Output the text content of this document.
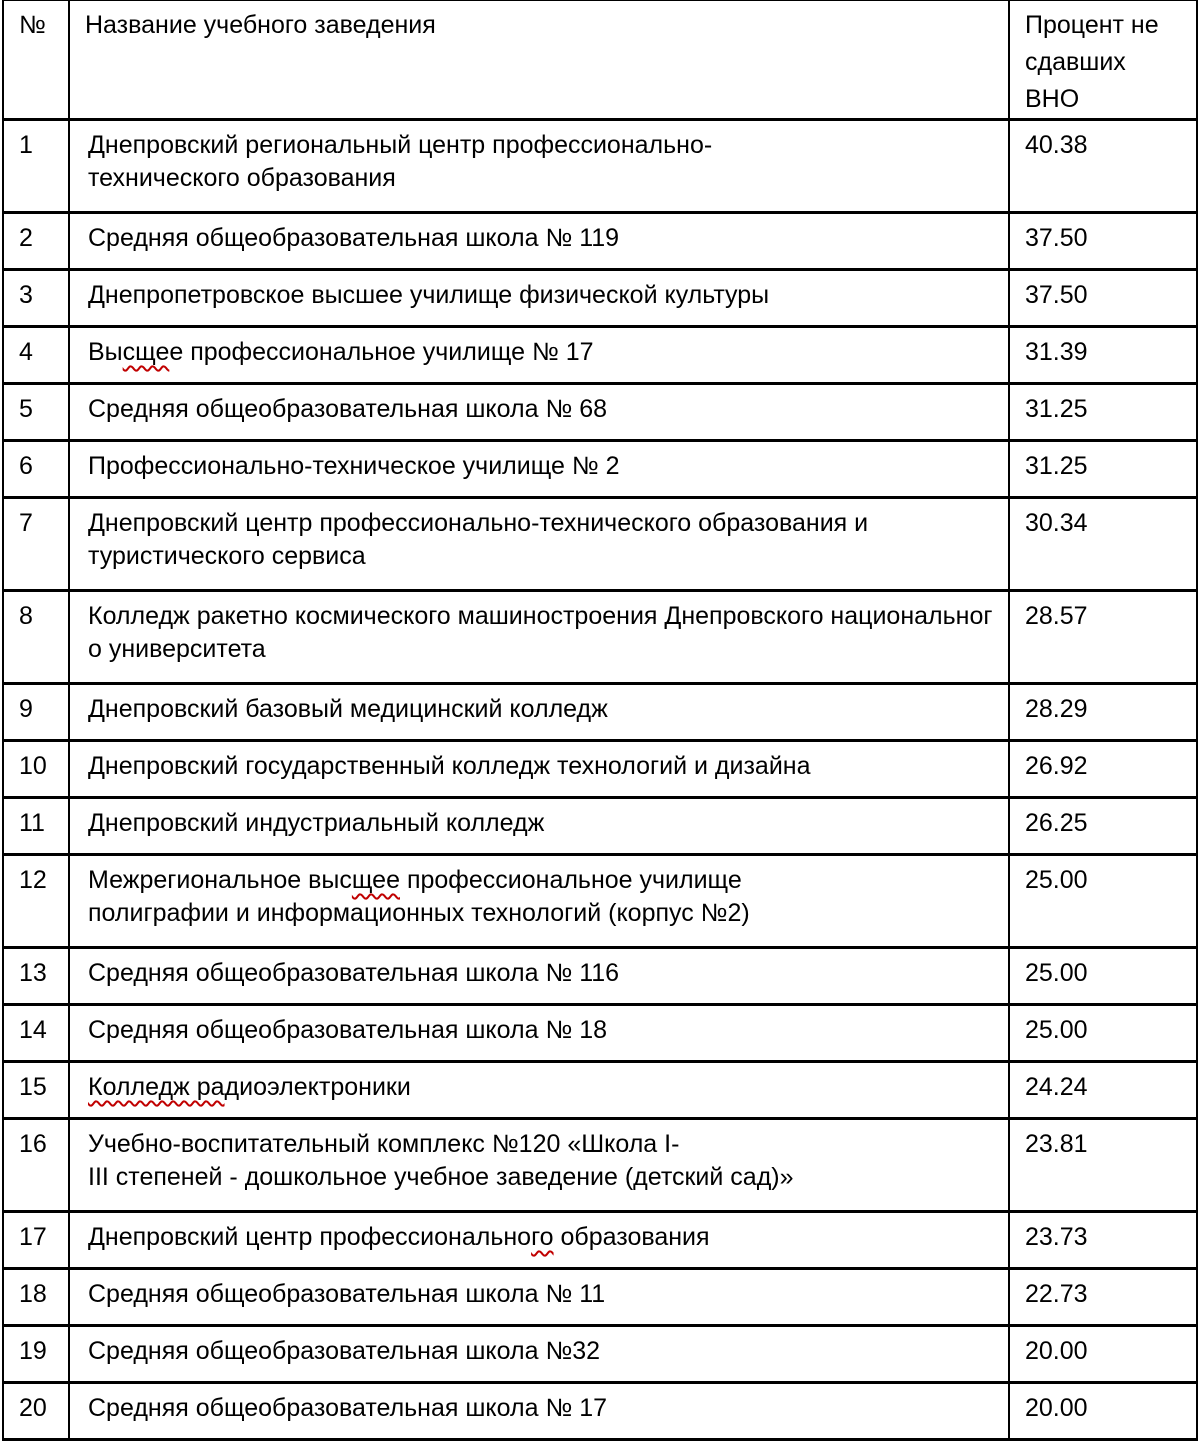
№	Название учебного заведения	Процент не
сдавших ВНО
1	Днепровский региональный центр профессионально-
технического образования	40.38
2	Средняя общеобразовательная школа № 119	37.50
3	Днепропетровское высшее училище физической культуры	37.50
4	Высщее профессиональное училище № 17	31.39
5	Средняя общеобразовательная школа № 68	31.25
6	Профессионально-техническое училище № 2	31.25
7	Днепровский центр профессионально-технического образования и
туристического сервиса	30.34
8	Колледж ракетно космического машиностроения Днепровского национальног
о университета	28.57
9	Днепровский базовый медицинский колледж	28.29
10	Днепровский государственный колледж технологий и дизайна	26.92
11	Днепровский индустриальный колледж	26.25
12	Межрегиональное высщее профессиональное училище
полиграфии и информационных технологий (корпус №2)	25.00
13	Средняя общеобразовательная школа № 116	25.00
14	Средняя общеобразовательная школа № 18	25.00
15	Колледж радиоэлектроники	24.24
16	Учебно-воспитательный комплекс №120 «Школа I-
III степеней - дошкольное учебное заведение (детский сад)»	23.81
17	Днепровский центр профессионального образования	23.73
18	Средняя общеобразовательная школа № 11	22.73
19	Средняя общеобразовательная школа №32	20.00
20	Средняя общеобразовательная школа № 17	20.00
